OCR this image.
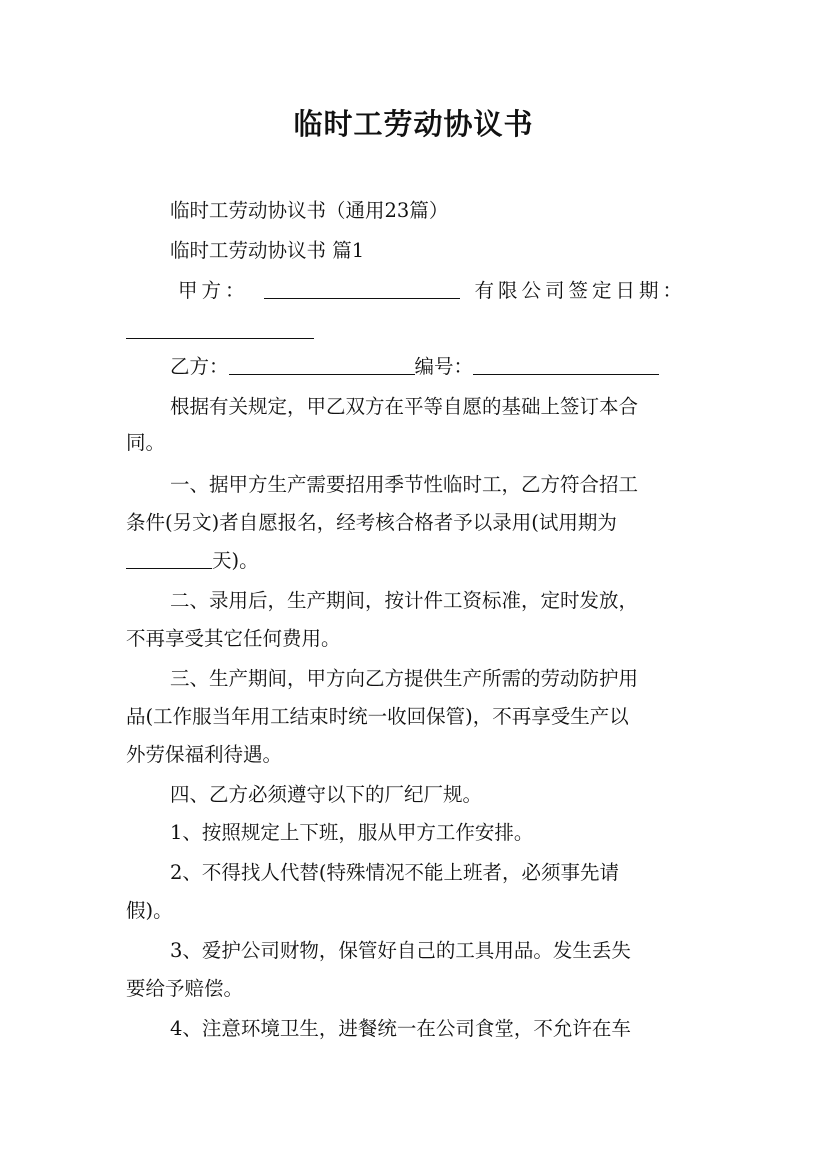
临时工劳动协议书
临时工劳动协议书（通用23篇）
临时工劳动协议书 篇1
甲方：	有限公司签定日期：
乙方：	编号：
根据有关规定，甲乙双方在平等自愿的基础上签订本合
同。
一、据甲方生产需要招用季节性临时工，乙方符合招工
条件(另文)者自愿报名，经考核合格者予以录用(试用期为
天)。
二、录用后，生产期间，按计件工资标准，定时发放，
不再享受其它任何费用。
三、生产期间，甲方向乙方提供生产所需的劳动防护用
品(工作服当年用工结束时统一收回保管)，不再享受生产以
外劳保福利待遇。
四、乙方必须遵守以下的厂纪厂规。
1、按照规定上下班，服从甲方工作安排。
2、不得找人代替(特殊情况不能上班者，必须事先请
假)。
3、爱护公司财物，保管好自己的工具用品。发生丢失
要给予赔偿。
4、注意环境卫生，进餐统一在公司食堂，不允许在车
